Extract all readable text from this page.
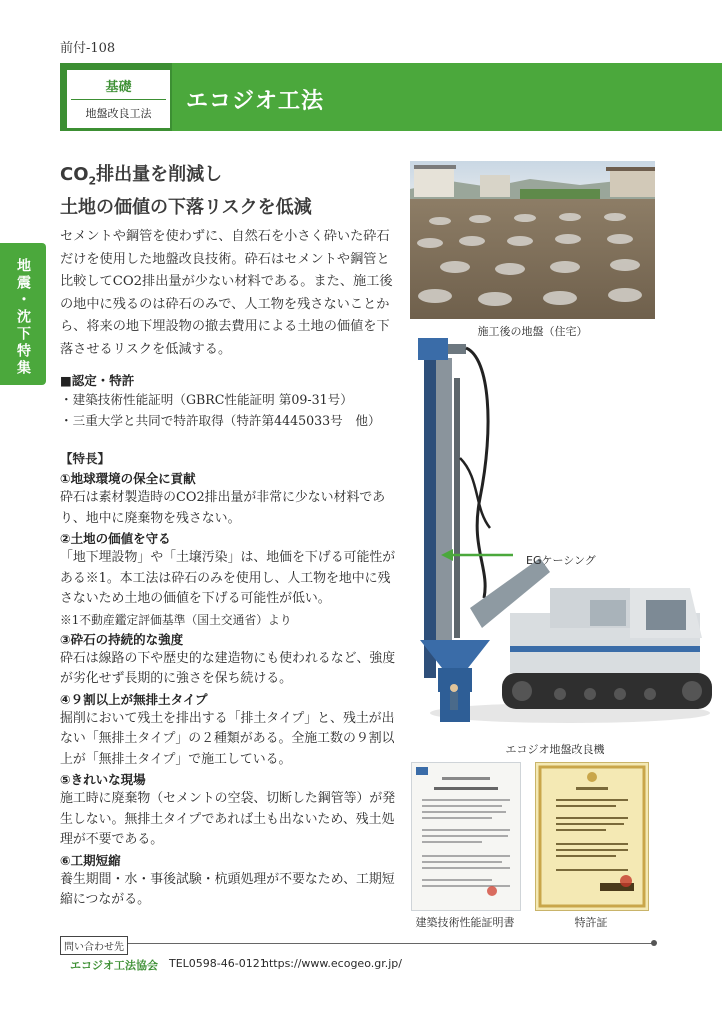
前付-108
基礎
地盤改良工法	エコジオ工法
地震・沈下特集
$CO_2$排出量を削減し
土地の価値の下落リスクを低減
セメントや鋼管を使わずに、自然石を小さく砕いた砕石だけを使用した地盤改良技術。砕石はセメントや鋼管と比較してCO2排出量が少ない材料である。また、施工後の地中に残るのは砕石のみで、人工物を残さないことから、将来の地下埋設物の撤去費用による土地の価値を下落させるリスクを低減する。
■認定・特許
・建築技術性能証明（GBRC性能証明 第09-31号）
・三重大学と共同で特許取得（特許第4445033号　他）
【特長】
①地球環境の保全に貢献
砕石は素材製造時のCO2排出量が非常に少ない材料であり、地中に廃棄物を残さない。
②土地の価値を守る
「地下埋設物」や「土壌汚染」は、地価を下げる可能性がある※1。本工法は砕石のみを使用し、人工物を地中に残さないため土地の価値を下げる可能性が低い。
※1不動産鑑定評価基準（国土交通省）より
③砕石の持続的な強度
砕石は線路の下や歴史的な建造物にも使われるなど、強度が劣化せず長期的に強さを保ち続ける。
④９割以上が無排土タイプ
掘削において残土を排出する「排土タイプ」と、残土が出ない「無排土タイプ」の２種類がある。全施工数の９割以上が「無排土タイプ」で施工している。
⑤きれいな現場
施工時に廃棄物（セメントの空袋、切断した鋼管等）が発生しない。無排土タイプであれば土も出ないため、残土処理が不要である。
⑥工期短縮
養生期間・水・事後試験・杭頭処理が不要なため、工期短縮につながる。
施工後の地盤（住宅）
EGケーシング
エコジオ地盤改良機
建築技術性能証明書	特許証
問い合わせ先
エコジオ工法協会 TEL0598-46-0121
https://www.ecogeo.gr.jp/
